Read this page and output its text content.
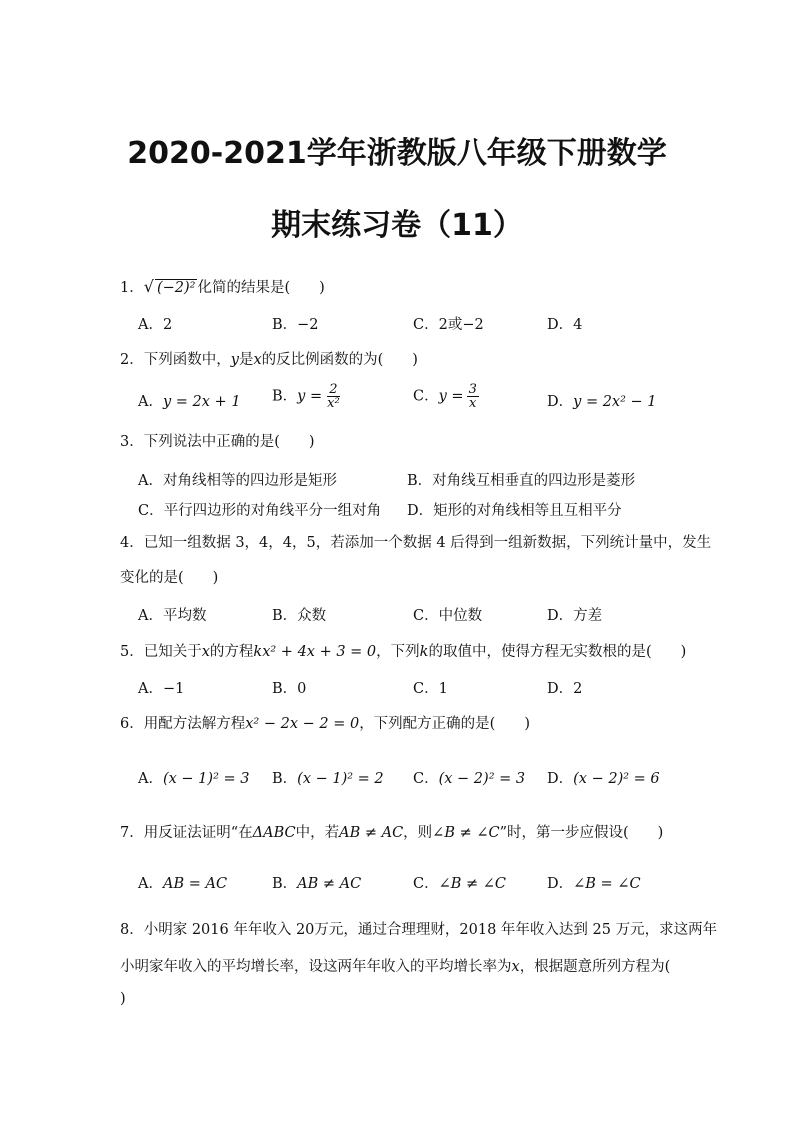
2020-2021学年浙教版八年级下册数学
期末练习卷（11）
1．√ (−2)² 化简的结果是(　　)
A．2	B．−2	C．2或−2	D．4
2．下列函数中，y是x的反比例函数的为(　　)
A．y = 2x + 1 B．$y = \frac{2}{\text{x²}}$	C．$y = \frac{3}{x}$	D．y = 2x² − 1
3．下列说法中正确的是(　　)
A．对角线相等的四边形是矩形	B．对角线互相垂直的四边形是菱形
C．平行四边形的对角线平分一组对角 D．矩形的对角线相等且互相平分
4．已知一组数据 3，4，4，5，若添加一个数据 4 后得到一组新数据，下列统计量中，发生
变化的是(　　)
A．平均数	B．众数	C．中位数	D．方差
5．已知关于x的方程kx² + 4x + 3 = 0，下列k的取值中，使得方程无实数根的是(　　)
A．−1	B．0	C．1	D．2
6．用配方法解方程x² − 2x − 2 = 0，下列配方正确的是(　　)
A．(x − 1)² = 3 B．(x − 1)² = 2 C．(x − 2)² = 3 D．(x − 2)² = 6
7．用反证法证明“在ΔABC中，若AB ≠ AC，则∠B ≠ ∠C”时，第一步应假设(　　)
A．AB = AC	B．AB ≠ AC	C．∠B ≠ ∠C	D．∠B = ∠C
8．小明家 2016 年年收入 20万元，通过合理理财，2018 年年收入达到 25 万元，求这两年
小明家年收入的平均增长率，设这两年年收入的平均增长率为x，根据题意所列方程为(
)
